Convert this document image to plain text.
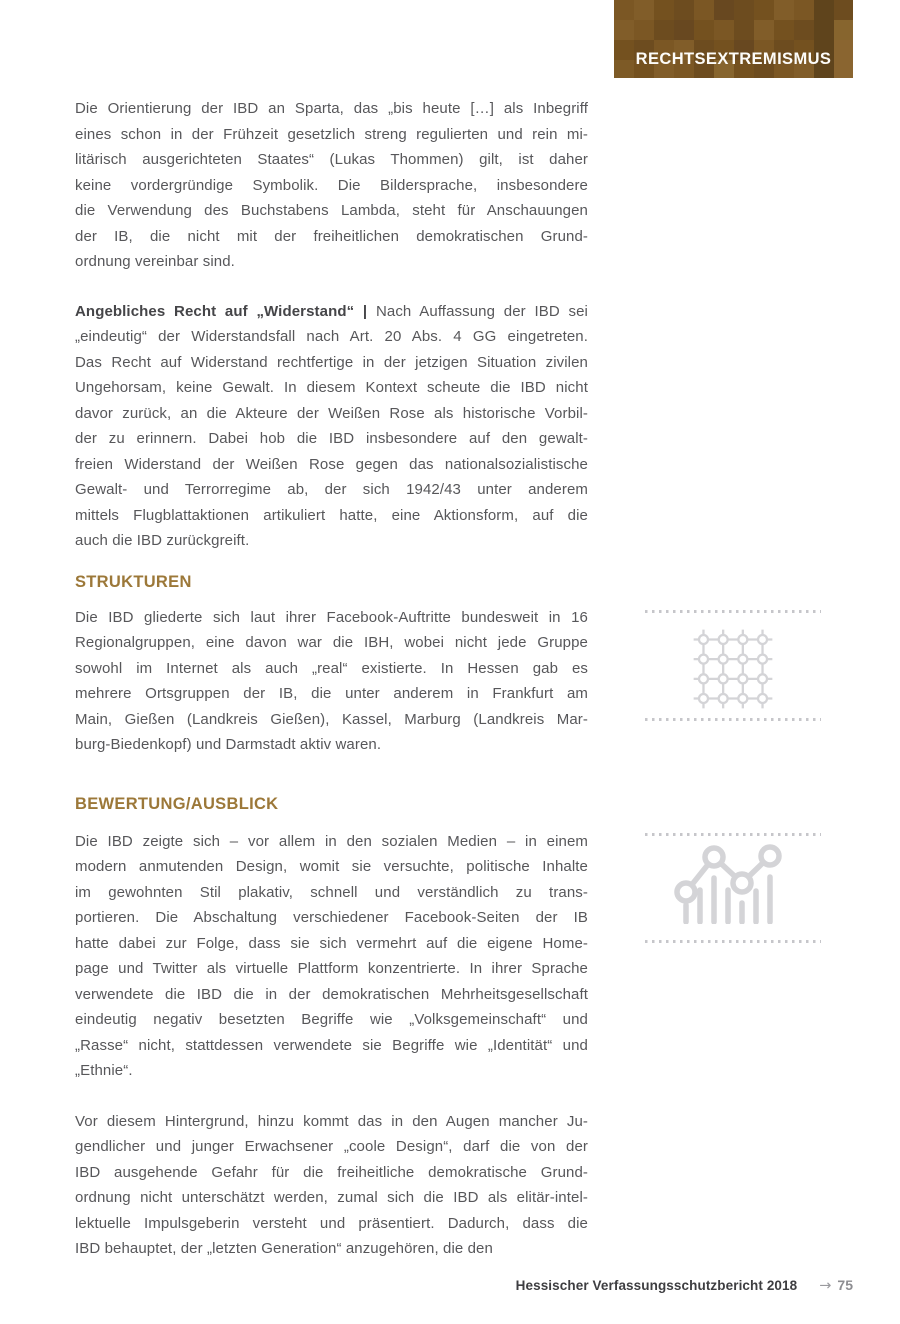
RECHTSEXTREMISMUS
Die Orientierung der IBD an Sparta, das „bis heute […] als Inbegriff
eines schon in der Frühzeit gesetzlich streng regulierten und rein mi-
litärisch ausgerichteten Staates“ (Lukas Thommen) gilt, ist daher
keine vordergründige Symbolik. Die Bildersprache, insbesondere
die Verwendung des Buchstabens Lambda, steht für Anschauungen
der IB, die nicht mit der freiheitlichen demokratischen Grund-
ordnung vereinbar sind.
Angebliches Recht auf „Widerstand“ | Nach Auffassung der IBD sei
„eindeutig“ der Widerstandsfall nach Art. 20 Abs. 4 GG eingetreten.
Das Recht auf Widerstand rechtfertige in der jetzigen Situation zivilen
Ungehorsam, keine Gewalt. In diesem Kontext scheute die IBD nicht
davor zurück, an die Akteure der Weißen Rose als historische Vorbil-
der zu erinnern. Dabei hob die IBD insbesondere auf den gewalt-
freien Widerstand der Weißen Rose gegen das nationalsozialistische
Gewalt- und Terrorregime ab, der sich 1942/43 unter anderem
mittels Flugblattaktionen artikuliert hatte, eine Aktionsform, auf die
auch die IBD zurückgreift.
STRUKTUREN
Die IBD gliederte sich laut ihrer Facebook-Auftritte bundesweit in 16
Regionalgruppen, eine davon war die IBH, wobei nicht jede Gruppe
sowohl im Internet als auch „real“ existierte. In Hessen gab es
mehrere Ortsgruppen der IB, die unter anderem in Frankfurt am
Main, Gießen (Landkreis Gießen), Kassel, Marburg (Landkreis Mar-
burg-Biedenkopf) und Darmstadt aktiv waren.
BEWERTUNG/AUSBLICK
Die IBD zeigte sich – vor allem in den sozialen Medien – in einem
modern anmutenden Design, womit sie versuchte, politische Inhalte
im gewohnten Stil plakativ, schnell und verständlich zu trans-
portieren. Die Abschaltung verschiedener Facebook-Seiten der IB
hatte dabei zur Folge, dass sie sich vermehrt auf die eigene Home-
page und Twitter als virtuelle Plattform konzentrierte. In ihrer Sprache
verwendete die IBD die in der demokratischen Mehrheitsgesellschaft
eindeutig negativ besetzten Begriffe wie „Volksgemeinschaft“ und
„Rasse“ nicht, stattdessen verwendete sie Begriffe wie „Identität“ und
„Ethnie“.
Vor diesem Hintergrund, hinzu kommt das in den Augen mancher Ju-
gendlicher und junger Erwachsener „coole Design“, darf die von der
IBD ausgehende Gefahr für die freiheitliche demokratische Grund-
ordnung nicht unterschätzt werden, zumal sich die IBD als elitär-intel-
lektuelle Impulsgeberin versteht und präsentiert. Dadurch, dass die
IBD behauptet, der „letzten Generation“ anzugehören, die den
Hessischer Verfassungsschutzbericht 2018 → 75
